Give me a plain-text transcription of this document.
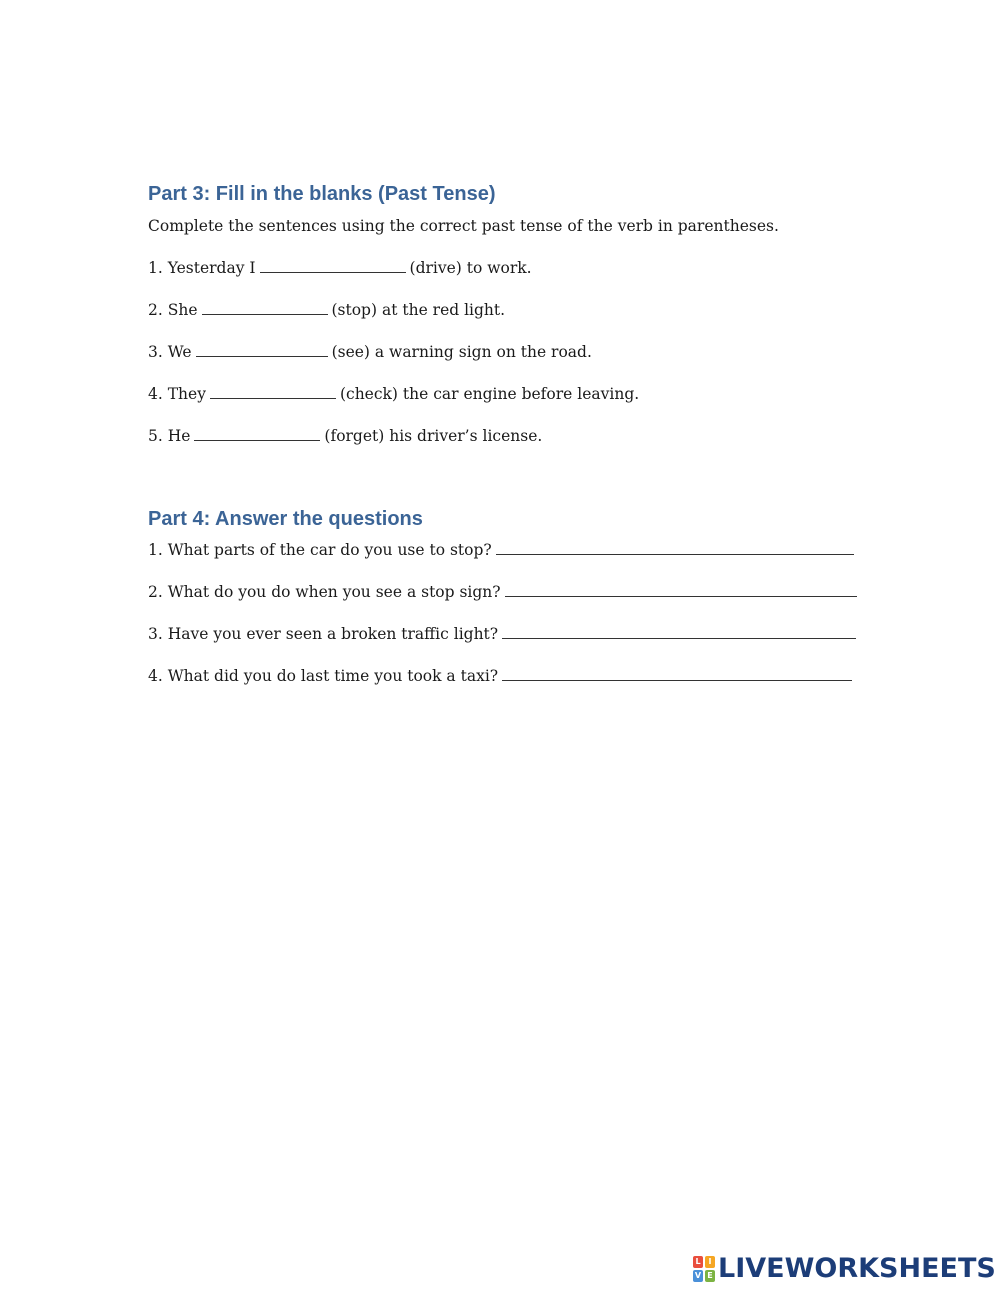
Part 3: Fill in the blanks (Past Tense)
Complete the sentences using the correct past tense of the verb in parentheses.
1. Yesterday I	(drive) to work.
2. She	(stop) at the red light.
3. We	(see) a warning sign on the road.
4. They	(check) the car engine before leaving.
5. He	(forget) his driver’s license.
Part 4: Answer the questions
1. What parts of the car do you use to stop?
2. What do you do when you see a stop sign?
3. Have you ever seen a broken traffic light?
4. What did you do last time you took a taxi?
L I
V E LIVEWORKSHEETS
